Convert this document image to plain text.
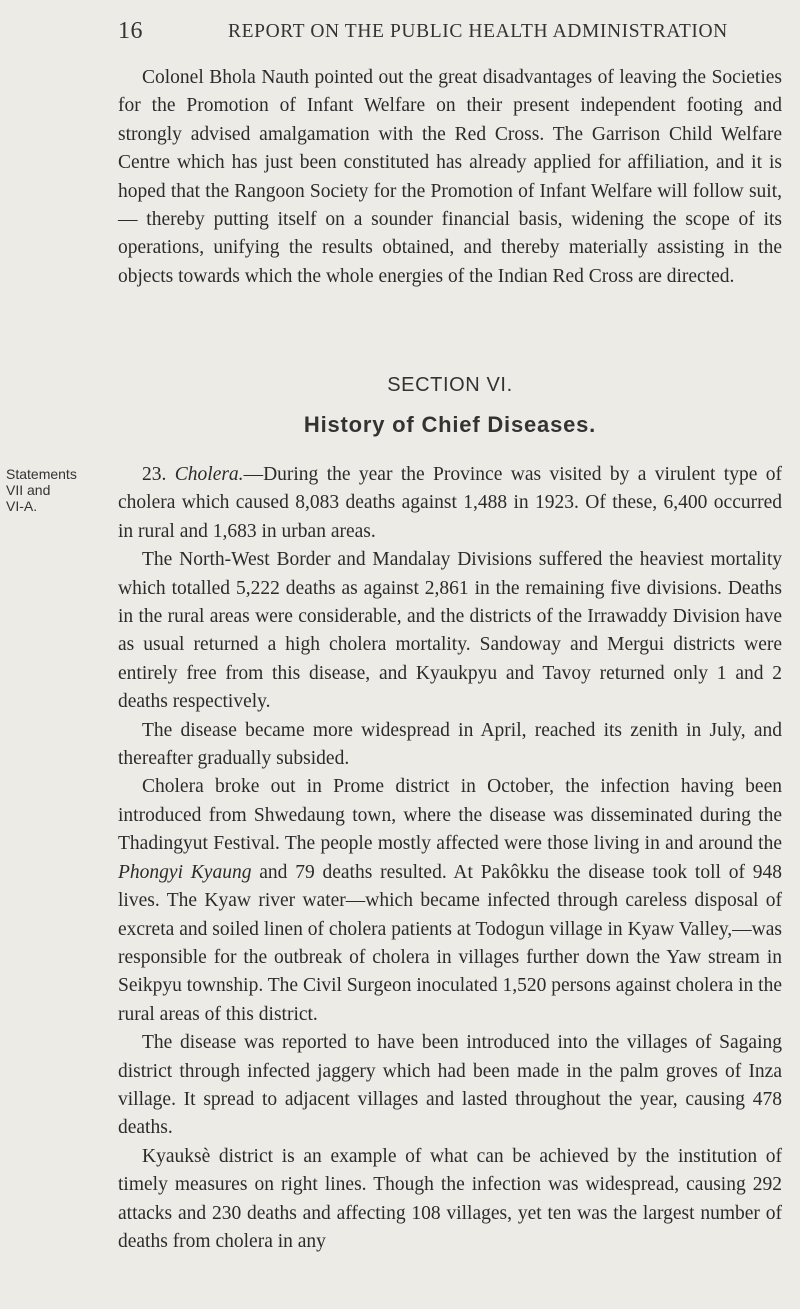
16	REPORT ON THE PUBLIC HEALTH ADMINISTRATION

Colonel Bhola Nauth pointed out the great disadvantages of leaving the Societies for the Promotion of Infant Welfare on their present independent footing and strongly advised amalgamation with the Red Cross. The Garrison Child Welfare Centre which has just been constituted has already applied for affiliation, and it is hoped that the Rangoon Society for the Promotion of Infant Welfare will follow suit,— thereby putting itself on a sounder financial basis, widening the scope of its operations, unifying the results obtained, and thereby materially assisting in the objects towards which the whole energies of the Indian Red Cross are directed.

SECTION VI.
History of Chief Diseases.
Statements
VII and
VI-A.

23. Cholera.—During the year the Province was visited by a virulent type of cholera which caused 8,083 deaths against 1,488 in 1923. Of these, 6,400 occurred in rural and 1,683 in urban areas.

The North-West Border and Mandalay Divisions suffered the heaviest mortality which totalled 5,222 deaths as against 2,861 in the remaining five divisions. Deaths in the rural areas were considerable, and the districts of the Irrawaddy Division have as usual returned a high cholera mortality. Sandoway and Mergui districts were entirely free from this disease, and Kyaukpyu and Tavoy returned only 1 and 2 deaths respectively.

The disease became more widespread in April, reached its zenith in July, and thereafter gradually subsided.

Cholera broke out in Prome district in October, the infection having been introduced from Shwedaung town, where the disease was disseminated during the Thadingyut Festival. The people mostly affected were those living in and around the Phongyi Kyaung and 79 deaths resulted. At Pakôkku the disease took toll of 948 lives. The Kyaw river water—which became infected through careless disposal of excreta and soiled linen of cholera patients at Todogun village in Kyaw Valley,—was responsible for the outbreak of cholera in villages further down the Yaw stream in Seikpyu township. The Civil Surgeon inoculated 1,520 persons against cholera in the rural areas of this district.

The disease was reported to have been introduced into the villages of Sagaing district through infected jaggery which had been made in the palm groves of Inza village. It spread to adjacent villages and lasted throughout the year, causing 478 deaths.

Kyauksè district is an example of what can be achieved by the institution of timely measures on right lines. Though the infection was widespread, causing 292 attacks and 230 deaths and affecting 108 villages, yet ten was the largest number of deaths from cholera in any
